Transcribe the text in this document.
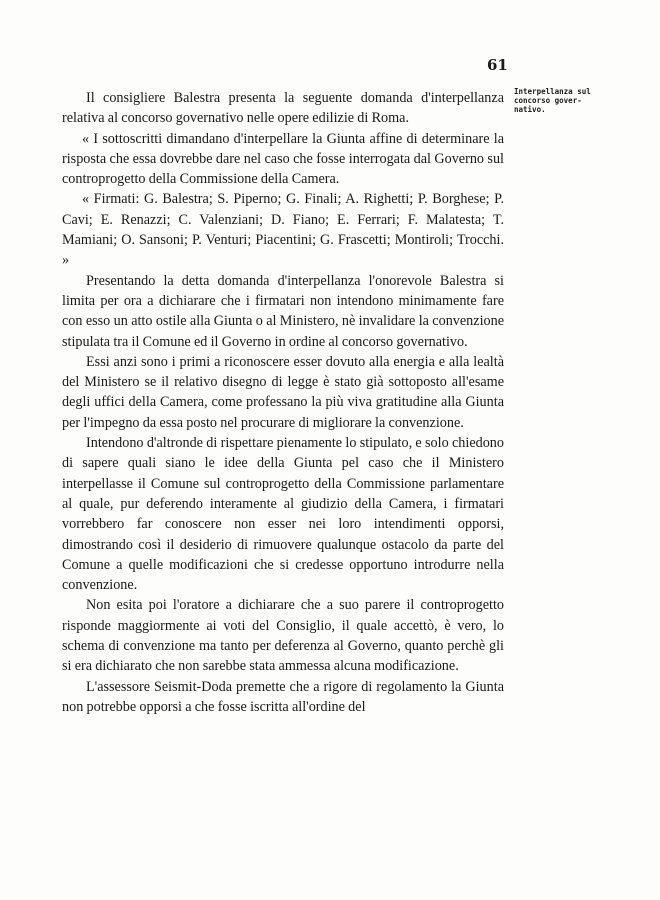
61
Interpellanza sul
concorso gover-
nativo.

Il consigliere Balestra presenta la seguente domanda d'interpellanza relativa al concorso governativo nelle opere edilizie di Roma.

« I sottoscritti dimandano d'interpellare la Giunta affine di determinare la risposta che essa dovrebbe dare nel caso che fosse interrogata dal Governo sul controprogetto della Commissione della Camera.

« Firmati: G. Balestra; S. Piperno; G. Finali; A. Righetti; P. Borghese; P. Cavi; E. Renazzi; C. Valenziani; D. Fiano; E. Ferrari; F. Malatesta; T. Mamiani; O. Sansoni; P. Venturi; Piacentini; G. Frascetti; Montiroli; Trocchi. »

Presentando la detta domanda d'interpellanza l'onorevole Balestra si limita per ora a dichiarare che i firmatari non intendono minimamente fare con esso un atto ostile alla Giunta o al Ministero, nè invalidare la convenzione stipulata tra il Comune ed il Governo in ordine al concorso governativo.

Essi anzi sono i primi a riconoscere esser dovuto alla energia e alla lealtà del Ministero se il relativo disegno di legge è stato già sottoposto all'esame degli uffici della Camera, come professano la più viva gratitudine alla Giunta per l'impegno da essa posto nel procurare di migliorare la convenzione.

Intendono d'altronde di rispettare pienamente lo stipulato, e solo chiedono di sapere quali siano le idee della Giunta pel caso che il Ministero interpellasse il Comune sul controprogetto della Commissione parlamentare al quale, pur deferendo interamente al giudizio della Camera, i firmatari vorrebbero far conoscere non esser nei loro intendimenti opporsi, dimostrando così il desiderio di rimuovere qualunque ostacolo da parte del Comune a quelle modificazioni che si credesse opportuno introdurre nella convenzione.

Non esita poi l'oratore a dichiarare che a suo parere il controprogetto risponde maggiormente ai voti del Consiglio, il quale accettò, è vero, lo schema di convenzione ma tanto per deferenza al Governo, quanto perchè gli si era dichiarato che non sarebbe stata ammessa alcuna modificazione.

L'assessore Seismit-Doda premette che a rigore di regolamento la Giunta non potrebbe opporsi a che fosse iscritta all'ordine del
